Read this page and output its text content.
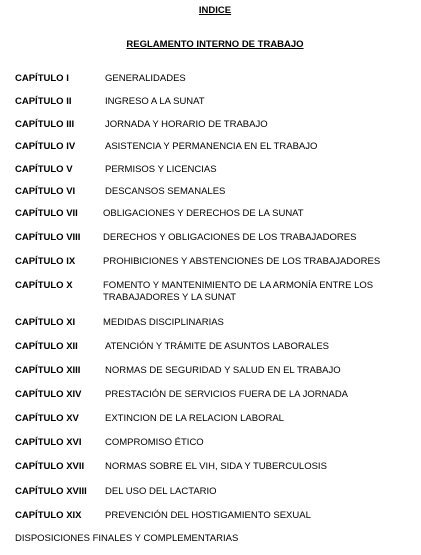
INDICE
REGLAMENTO INTERNO DE TRABAJO
CAPÍTULO I	GENERALIDADES
CAPÍTULO II	INGRESO A LA SUNAT
CAPÍTULO III	JORNADA Y HORARIO DE TRABAJO
CAPÍTULO IV	ASISTENCIA Y PERMANENCIA EN EL TRABAJO
CAPÍTULO V	PERMISOS Y LICENCIAS
CAPÍTULO VI	DESCANSOS SEMANALES
CAPÍTULO VII	OBLIGACIONES Y DERECHOS DE LA SUNAT
CAPÍTULO VIII DERECHOS Y OBLIGACIONES DE LOS TRABAJADORES
CAPÍTULO IX	PROHIBICIONES Y ABSTENCIONES DE LOS TRABAJADORES
CAPÍTULO X	FOMENTO Y MANTENIMIENTO DE LA ARMONÍA ENTRE LOS TRABAJADORES Y LA SUNAT
CAPÍTULO XI	MEDIDAS DISCIPLINARIAS
CAPÍTULO XII	ATENCIÓN Y TRÁMITE DE ASUNTOS LABORALES
CAPÍTULO XIII	NORMAS DE SEGURIDAD Y SALUD EN EL TRABAJO
CAPÍTULO XIV PRESTACIÓN DE SERVICIOS FUERA DE LA JORNADA
CAPÍTULO XV	EXTINCION DE LA RELACION LABORAL
CAPÍTULO XVI COMPROMISO ÉTICO
CAPÍTULO XVII NORMAS SOBRE EL VIH, SIDA Y TUBERCULOSIS
CAPÍTULO XVIII DEL USO DEL LACTARIO
CAPÍTULO XIX PREVENCIÓN DEL HOSTIGAMIENTO SEXUAL
DISPOSICIONES FINALES Y COMPLEMENTARIAS
